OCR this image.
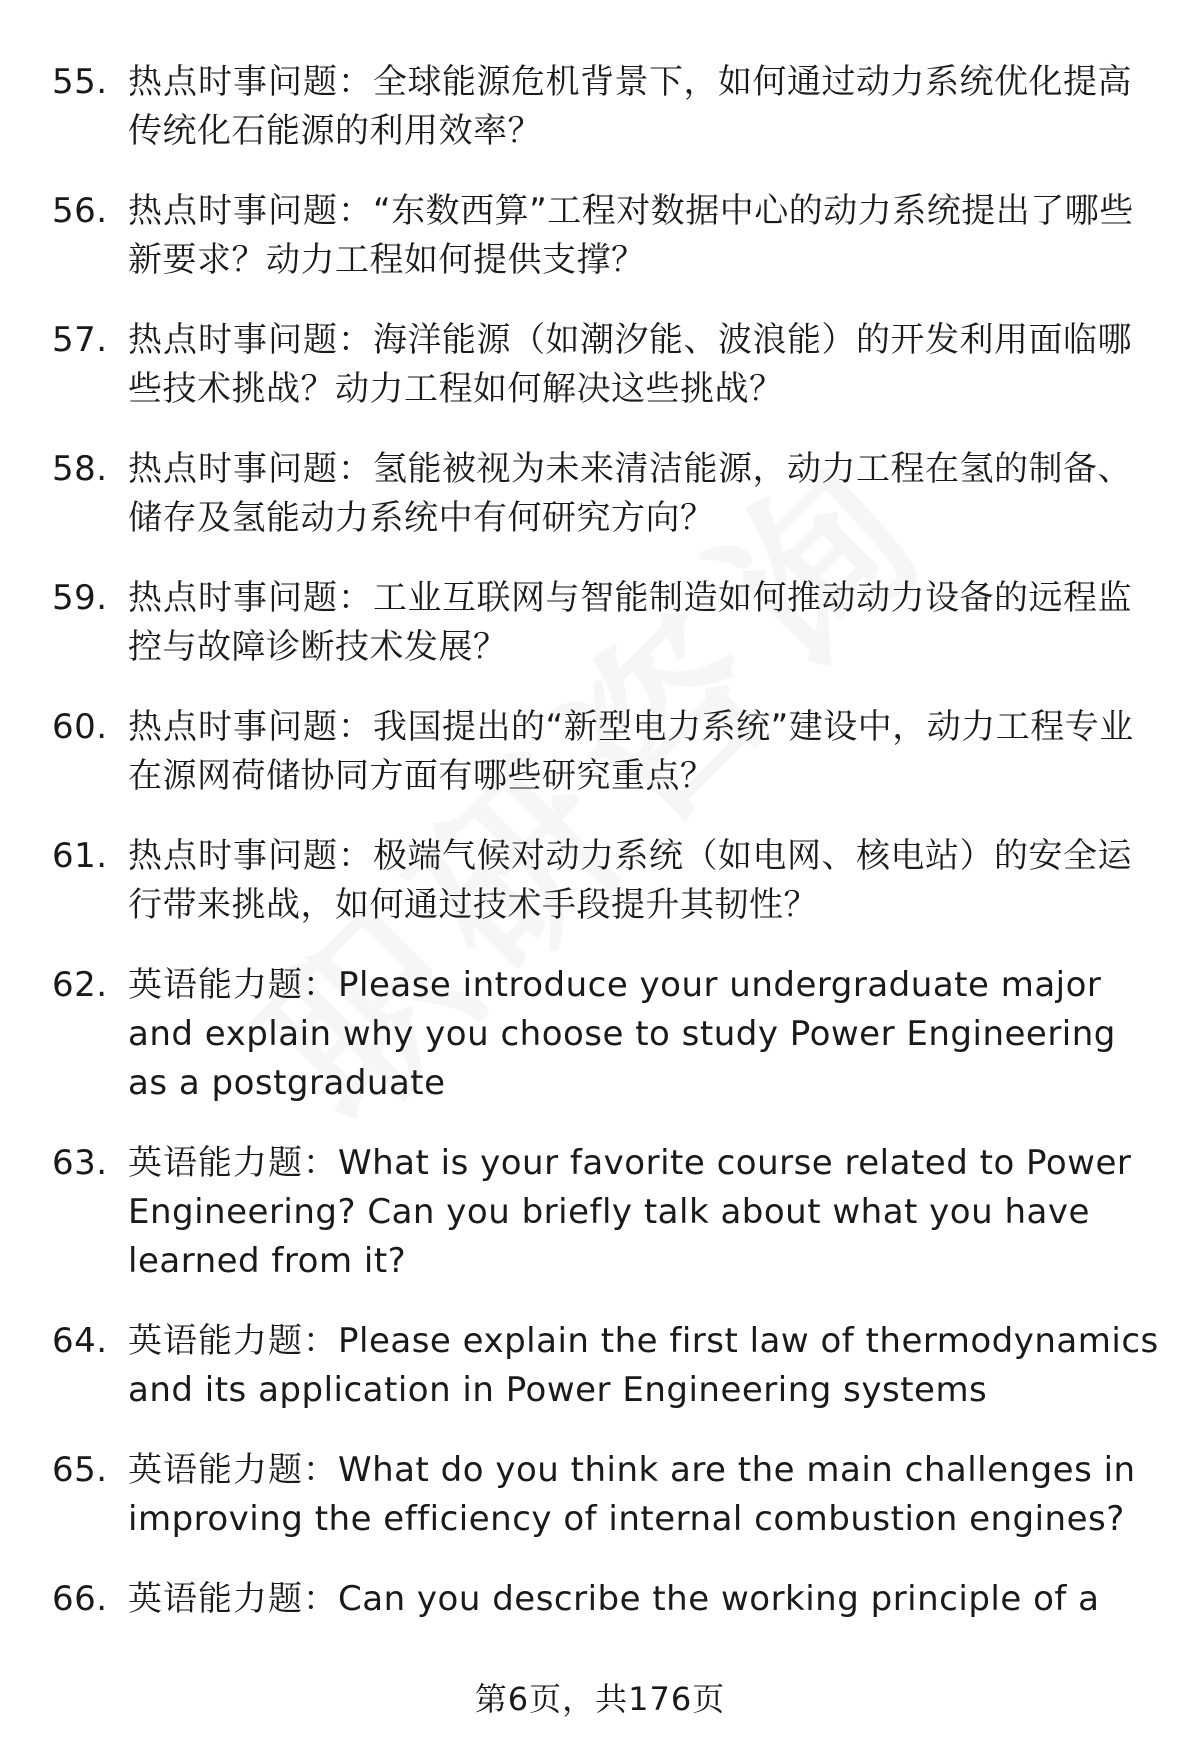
55. 热点时事问题：全球能源危机背景下，如何通过动力系统优化提高传统化石能源的利用效率？
56. 热点时事问题：“东数西算”工程对数据中心的动力系统提出了哪些新要求？动力工程如何提供支撑？
57. 热点时事问题：海洋能源（如潮汐能、波浪能）的开发利用面临哪些技术挑战？动力工程如何解决这些挑战？
58. 热点时事问题：氢能被视为未来清洁能源，动力工程在氢的制备、储存及氢能动力系统中有何研究方向？
59. 热点时事问题：工业互联网与智能制造如何推动动力设备的远程监控与故障诊断技术发展？
60. 热点时事问题：我国提出的“新型电力系统”建设中，动力工程专业在源网荷储协同方面有哪些研究重点？
61. 热点时事问题：极端气候对动力系统（如电网、核电站）的安全运行带来挑战，如何通过技术手段提升其韧性？
62. 英语能力题：Please introduce your undergraduate major and explain why you choose to study Power Engineering as a postgraduate
63. 英语能力题：What is your favorite course related to Power Engineering? Can you briefly talk about what you have learned from it?
64. 英语能力题：Please explain the first law of thermodynamics and its application in Power Engineering systems
65. 英语能力题：What do you think are the main challenges in improving the efficiency of internal combustion engines?
66. 英语能力题：Can you describe the working principle of a
第6页，共176页
